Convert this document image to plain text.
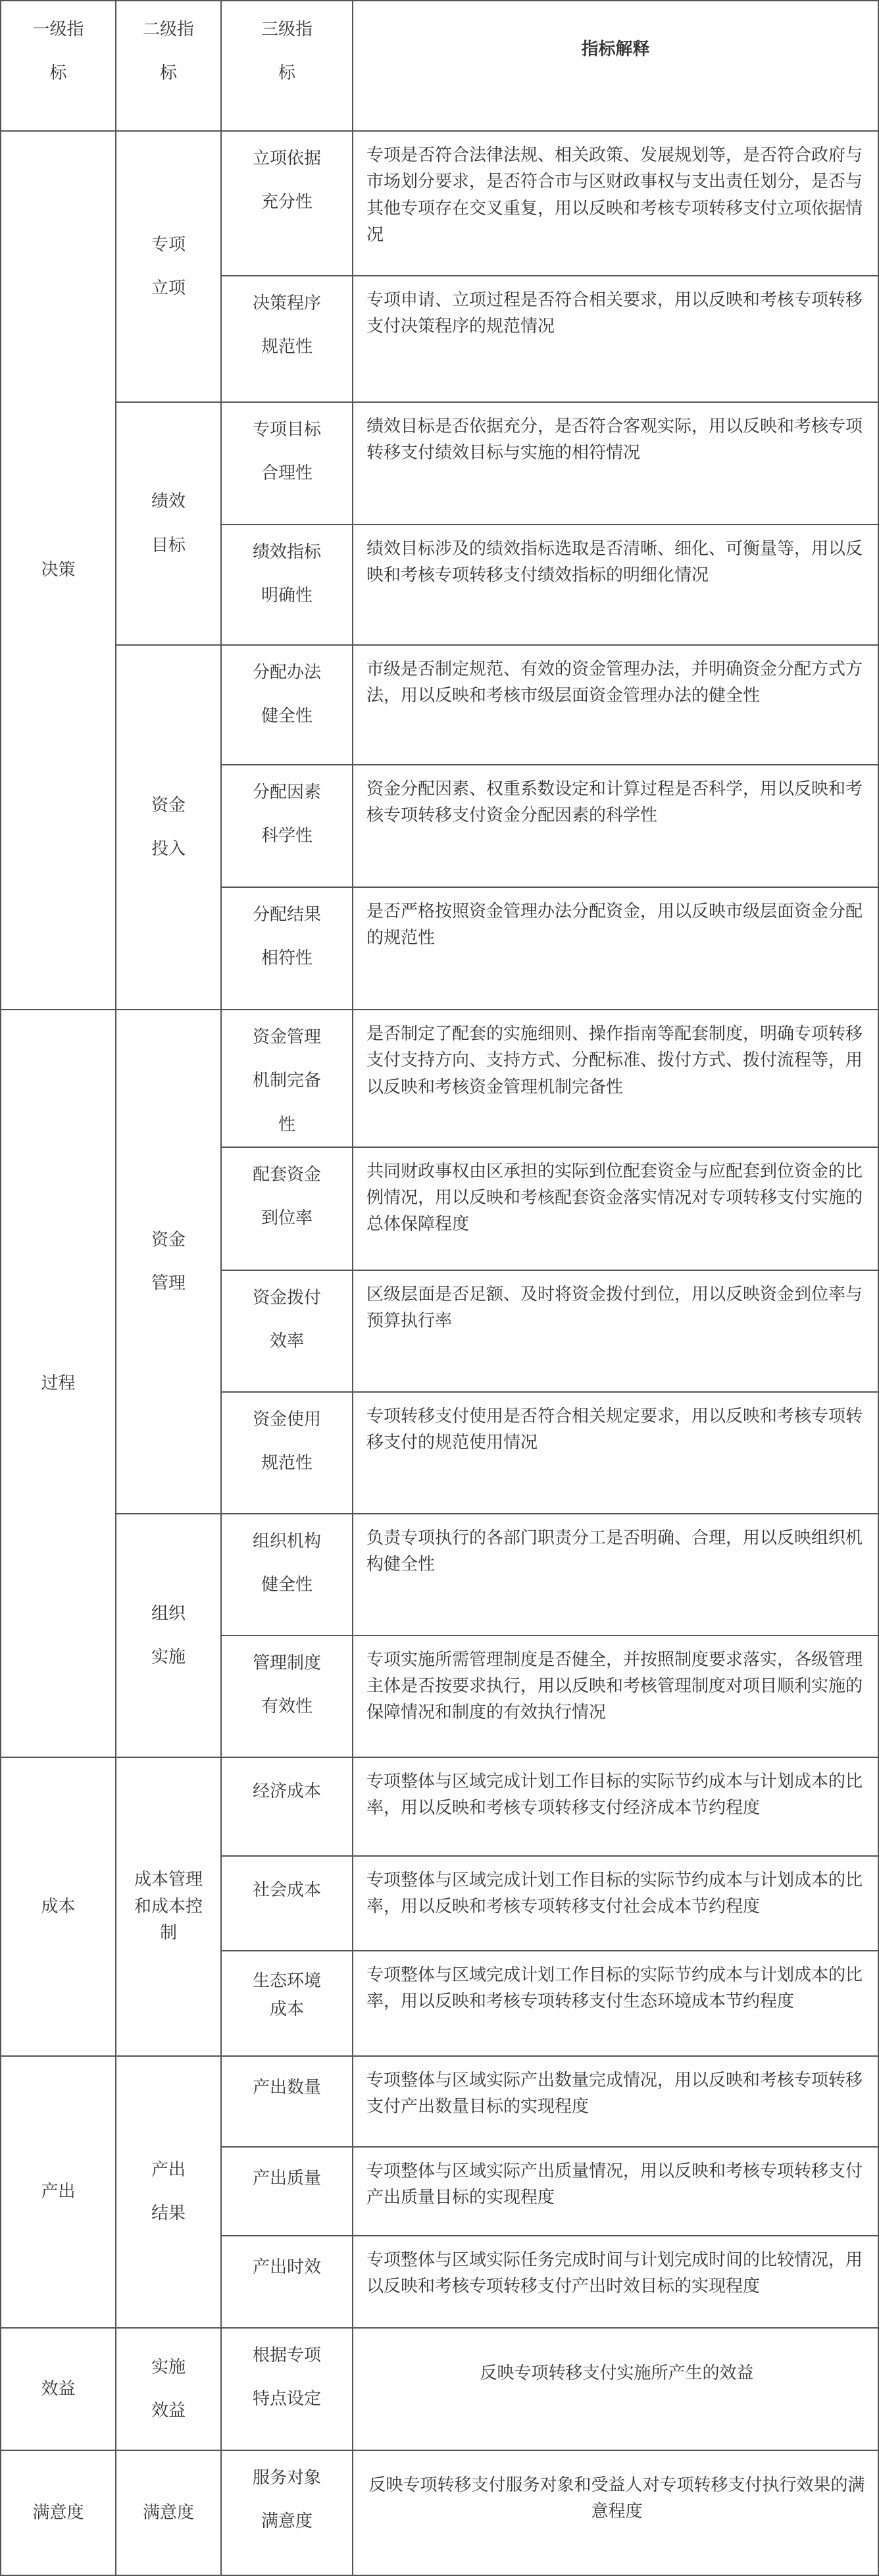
一级指标	二级指标	三级指标	指标解释
决策	专项立项	立项依据充分性	专项是否符合法律法规、相关政策、发展规划等，是否符合政府与市场划分要求，是否符合市与区财政事权与支出责任划分，是否与其他专项存在交叉重复，用以反映和考核专项转移支付立项依据情况
		决策程序规范性	专项申请、立项过程是否符合相关要求，用以反映和考核专项转移支付决策程序的规范情况
	绩效目标	专项目标合理性	绩效目标是否依据充分，是否符合客观实际，用以反映和考核专项转移支付绩效目标与实施的相符情况
		绩效指标明确性	绩效目标涉及的绩效指标选取是否清晰、细化、可衡量等，用以反映和考核专项转移支付绩效指标的明细化情况
	资金投入	分配办法健全性	市级是否制定规范、有效的资金管理办法，并明确资金分配方式方法，用以反映和考核市级层面资金管理办法的健全性
		分配因素科学性	资金分配因素、权重系数设定和计算过程是否科学，用以反映和考核专项转移支付资金分配因素的科学性
		分配结果相符性	是否严格按照资金管理办法分配资金，用以反映市级层面资金分配的规范性
过程	资金管理	资金管理机制完备性	是否制定了配套的实施细则、操作指南等配套制度，明确专项转移支付支持方向、支持方式、分配标准、拨付方式、拨付流程等，用以反映和考核资金管理机制完备性
		配套资金到位率	共同财政事权由区承担的实际到位配套资金与应配套到位资金的比例情况，用以反映和考核配套资金落实情况对专项转移支付实施的总体保障程度
		资金拨付效率	区级层面是否足额、及时将资金拨付到位，用以反映资金到位率与预算执行率
		资金使用规范性	专项转移支付使用是否符合相关规定要求，用以反映和考核专项转移支付的规范使用情况
	组织实施	组织机构健全性	负责专项执行的各部门职责分工是否明确、合理，用以反映组织机构健全性
		管理制度有效性	专项实施所需管理制度是否健全，并按照制度要求落实，各级管理主体是否按要求执行，用以反映和考核管理制度对项目顺利实施的保障情况和制度的有效执行情况
成本	成本管理和成本控制	经济成本	专项整体与区域完成计划工作目标的实际节约成本与计划成本的比率，用以反映和考核专项转移支付经济成本节约程度
		社会成本	专项整体与区域完成计划工作目标的实际节约成本与计划成本的比率，用以反映和考核专项转移支付社会成本节约程度
		生态环境成本	专项整体与区域完成计划工作目标的实际节约成本与计划成本的比率，用以反映和考核专项转移支付生态环境成本节约程度
产出	产出结果	产出数量	专项整体与区域实际产出数量完成情况，用以反映和考核专项转移支付产出数量目标的实现程度
		产出质量	专项整体与区域实际产出质量情况，用以反映和考核专项转移支付产出质量目标的实现程度
		产出时效	专项整体与区域实际任务完成时间与计划完成时间的比较情况，用以反映和考核专项转移支付产出时效目标的实现程度
效益	实施效益	根据专项特点设定	反映专项转移支付实施所产生的效益
满意度	满意度	服务对象满意度	反映专项转移支付服务对象和受益人对专项转移支付执行效果的满意程度
